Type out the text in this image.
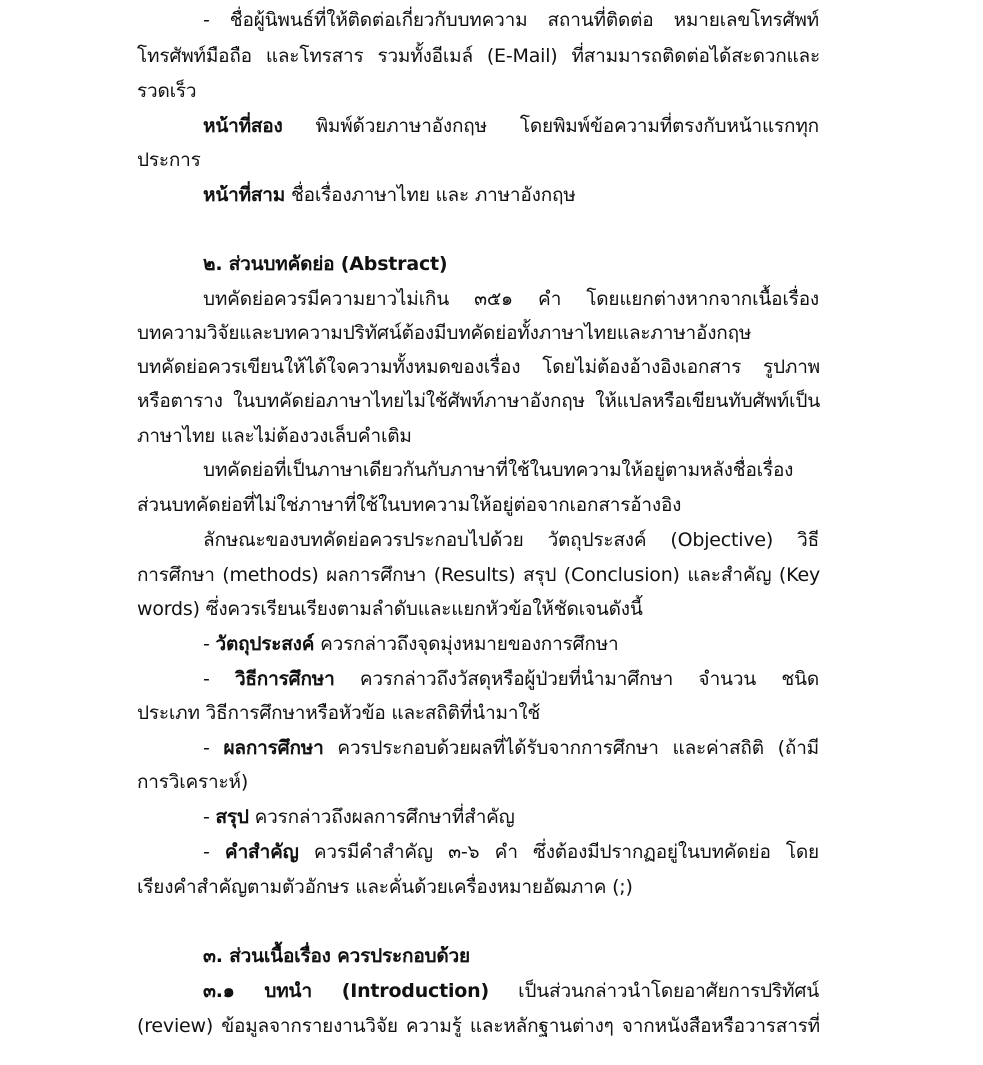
- ชื่อผู้นิพนธ์ที่ให้ติดต่อเกี่ยวกับบทความ สถานที่ติดต่อ หมายเลขโทรศัพท์
โทรศัพท์มือถือ และโทรสาร รวมทั้งอีเมล์ (E-Mail) ที่สามมารถติดต่อได้สะดวกและ
รวดเร็ว
หน้าที่สอง พิมพ์ด้วยภาษาอังกฤษ โดยพิมพ์ข้อความที่ตรงกับหน้าแรกทุก
ประการ
หน้าที่สาม ชื่อเรื่องภาษาไทย และ ภาษาอังกฤษ
๒. ส่วนบทคัดย่อ (Abstract)
บทคัดย่อควรมีความยาวไม่เกิน ๓๕๑ คำ โดยแยกต่างหากจากเนื้อเรื่อง
บทความวิจัยและบทความปริทัศน์ต้องมีบทคัดย่อทั้งภาษาไทยและภาษาอังกฤษ
บทคัดย่อควรเขียนให้ได้ใจความทั้งหมดของเรื่อง โดยไม่ต้องอ้างอิงเอกสาร รูปภาพ
หรือตาราง ในบทคัดย่อภาษาไทยไม่ใช้ศัพท์ภาษาอังกฤษ ให้แปลหรือเขียนทับศัพท์เป็น
ภาษาไทย และไม่ต้องวงเล็บคำเติม
บทคัดย่อที่เป็นภาษาเดียวกันกับภาษาที่ใช้ในบทความให้อยู่ตามหลังชื่อเรื่อง
ส่วนบทคัดย่อที่ไม่ใช่ภาษาที่ใช้ในบทความให้อยู่ต่อจากเอกสารอ้างอิง
ลักษณะของบทคัดย่อควรประกอบไปด้วย วัตถุประสงค์ (Objective) วิธี
การศึกษา (methods) ผลการศึกษา (Results) สรุป (Conclusion) และสำคัญ (Key
words) ซึ่งควรเรียนเรียงตามลำดับและแยกหัวข้อให้ชัดเจนดังนี้
- วัตถุประสงค์ ควรกล่าวถึงจุดมุ่งหมายของการศึกษา
- วิธีการศึกษา ควรกล่าวถึงวัสดุหรือผู้ป่วยที่นำมาศึกษา จำนวน ชนิด
ประเภท วิธีการศึกษาหรือหัวข้อ และสถิติที่นำมาใช้
- ผลการศึกษา ควรประกอบด้วยผลที่ได้รับจากการศึกษา และค่าสถิติ (ถ้ามี
การวิเคราะห์)
- สรุป ควรกล่าวถึงผลการศึกษาที่สำคัญ
- คำสำคัญ ควรมีคำสำคัญ ๓-๖ คำ ซึ่งต้องมีปรากฏอยู่ในบทคัดย่อ โดย
เรียงคำสำคัญตามตัวอักษร และคั่นด้วยเครื่องหมายอัฒภาค (;)
๓. ส่วนเนื้อเรื่อง ควรประกอบด้วย
๓.๑ บทนำ (Introduction) เป็นส่วนกล่าวนำโดยอาศัยการปริทัศน์
(review) ข้อมูลจากรายงานวิจัย ความรู้ และหลักฐานต่างๆ จากหนังสือหรือวารสารที่
